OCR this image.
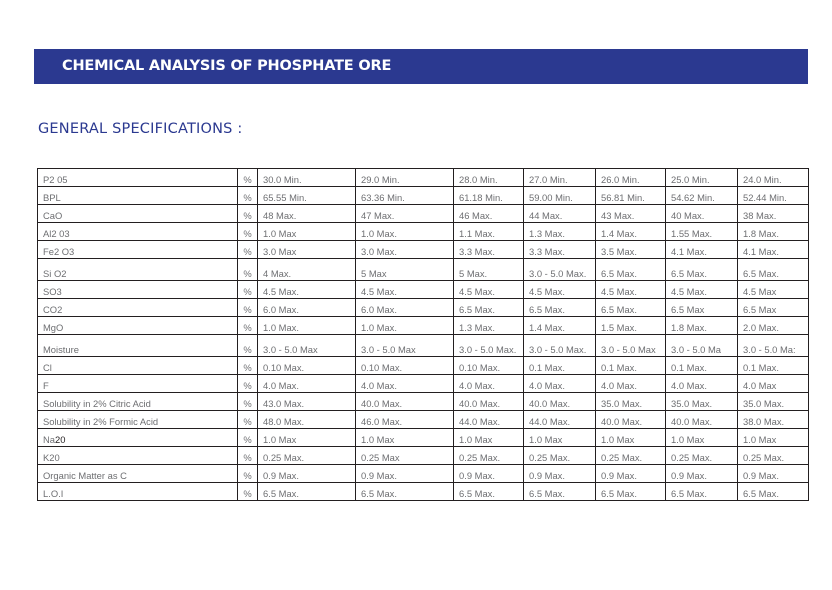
CHEMICAL ANALYSIS OF PHOSPHATE ORE
GENERAL SPECIFICATIONS :
P2 05	%	30.0 Min.	29.0 Min.	28.0 Min.	27.0 Min.	26.0 Min.	25.0 Min.	24.0 Min.
BPL	%	65.55 Min.	63.36 Min.	61.18 Min.	59.00 Min.	56.81 Min.	54.62 Min.	52.44 Min.
CaO	%	48 Max.	47 Max.	46 Max.	44 Max.	43 Max.	40 Max.	38 Max.
Al2 03	%	1.0 Max	1.0 Max.	1.1 Max.	1.3 Max.	1.4 Max.	1.55 Max.	1.8 Max.
Fe2 O3	%	3.0 Max	3.0 Max.	3.3 Max.	3.3 Max.	3.5 Max.	4.1 Max.	4.1 Max.
Si O2	%	4 Max.	5 Max	5 Max.	3.0 - 5.0 Max.	6.5 Max.	6.5 Max.	6.5 Max.
SO3	%	4.5 Max.	4.5 Max.	4.5 Max.	4.5 Max.	4.5 Max.	4.5 Max.	4.5 Max
CO2	%	6.0 Max.	6.0 Max.	6.5 Max.	6.5 Max.	6.5 Max.	6.5 Max	6.5 Max
MgO	%	1.0 Max.	1.0 Max.	1.3 Max.	1.4 Max.	1.5 Max.	1.8 Max.	2.0 Max.
Moisture	%	3.0 - 5.0 Max	3.0 - 5.0 Max	3.0 - 5.0 Max.	3.0 - 5.0 Max.	3.0 - 5.0 Max	3.0 - 5.0 Ma	3.0 - 5.0 Ma:
Cl	%	0.10 Max.	0.10 Max.	0.10 Max.	0.1 Max.	0.1 Max.	0.1 Max.	0.1 Max.
F	%	4.0 Max.	4.0 Max.	4.0 Max.	4.0 Max.	4.0 Max.	4.0 Max.	4.0 Max
Solubility in 2% Citric Acid	%	43.0 Max.	40.0 Max.	40.0 Max.	40.0 Max.	35.0 Max.	35.0 Max.	35.0 Max.
Solubility in 2% Formic Acid	%	48.0 Max.	46.0 Max.	44.0 Max.	44.0 Max.	40.0 Max.	40.0 Max.	38.0 Max.
Na20	%	1.0 Max	1.0 Max	1.0 Max	1.0 Max	1.0 Max	1.0 Max	1.0 Max
K20	%	0.25 Max.	0.25 Max	0.25 Max.	0.25 Max.	0.25 Max.	0.25 Max.	0.25 Max.
Organic Matter as C	%	0.9 Max.	0.9 Max.	0.9 Max.	0.9 Max.	0.9 Max.	0.9 Max.	0.9 Max.
L.O.I	%	6.5 Max.	6.5 Max.	6.5 Max.	6.5 Max.	6.5 Max.	6.5 Max.	6.5 Max.
